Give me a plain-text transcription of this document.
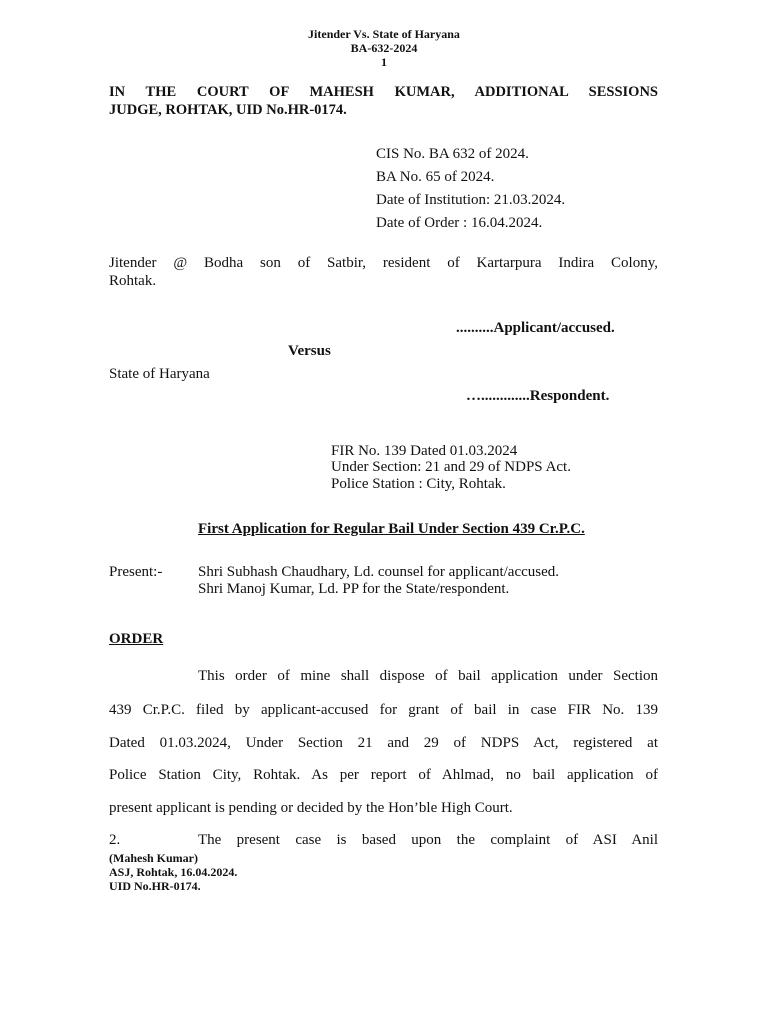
Jitender Vs. State of Haryana
BA-632-2024
1
IN THE COURT OF MAHESH KUMAR, ADDITIONAL SESSIONS
JUDGE, ROHTAK, UID No.HR-0174.
CIS No. BA 632 of 2024.
BA No. 65 of 2024.
Date of Institution: 21.03.2024.
Date of Order : 16.04.2024.
Jitender @ Bodha son of Satbir, resident of Kartarpura Indira Colony,
Rohtak.
..........Applicant/accused.
Versus
State of Haryana
….............Respondent.
FIR No. 139 Dated 01.03.2024
Under Section: 21 and 29 of NDPS Act.
Police Station : City, Rohtak.
First Application for Regular Bail Under Section 439 Cr.P.C.
Present:- Shri Subhash Chaudhary, Ld. counsel for applicant/accused.
Shri Manoj Kumar, Ld. PP for the State/respondent.
ORDER
This order of mine shall dispose of bail application under Section
439 Cr.P.C. filed by applicant-accused for grant of bail in case FIR No. 139
Dated 01.03.2024, Under Section 21 and 29 of NDPS Act, registered at
Police Station City, Rohtak. As per report of Ahlmad, no bail application of
present applicant is pending or decided by the Hon’ble High Court.
2.	The present case is based upon the complaint of ASI Anil
(Mahesh Kumar)
ASJ, Rohtak, 16.04.2024.
UID No.HR-0174.
